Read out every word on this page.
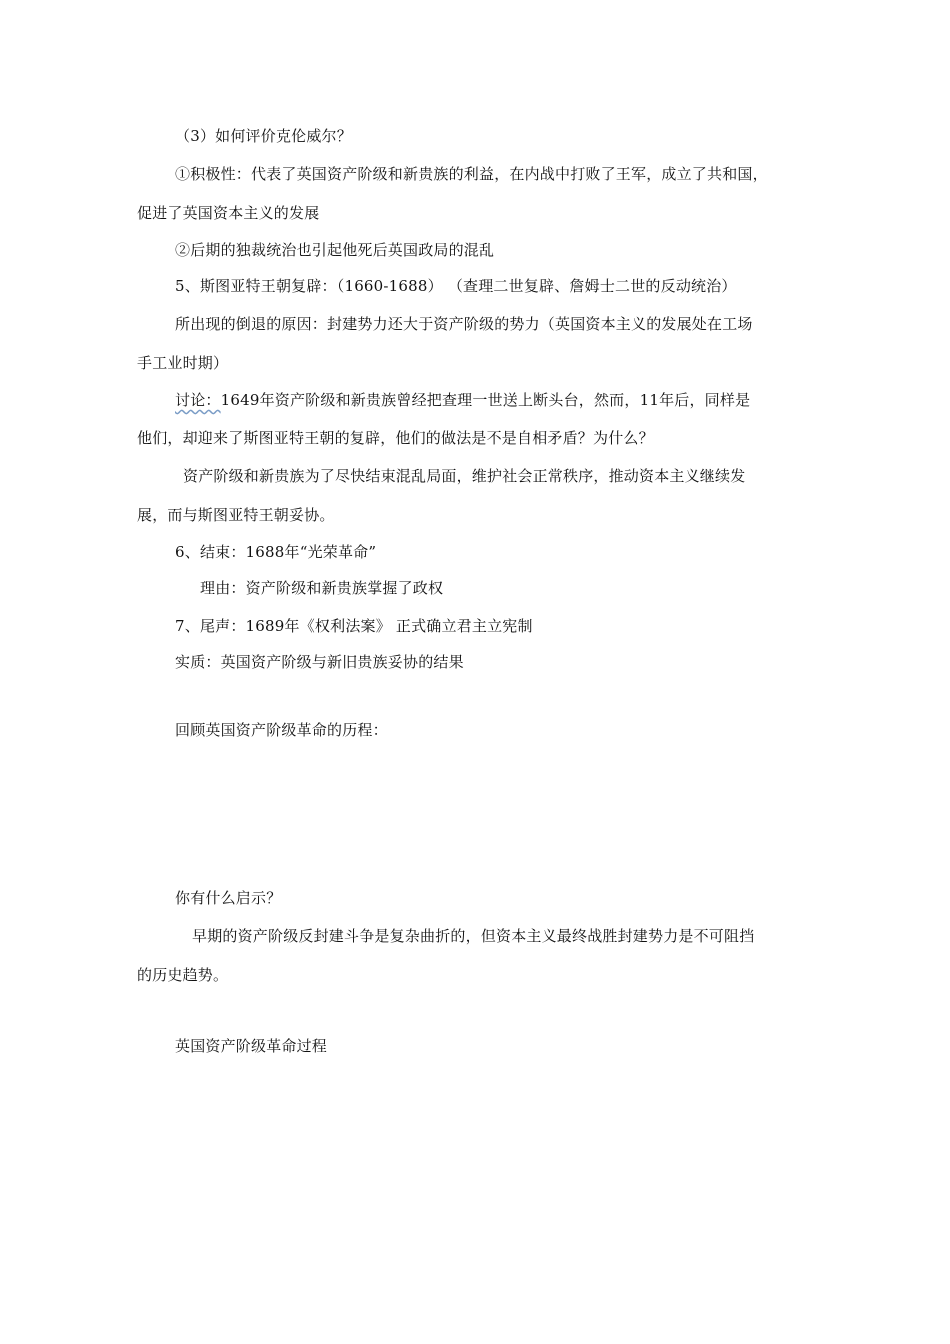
（3）如何评价克伦威尔？
①积极性：代表了英国资产阶级和新贵族的利益，在内战中打败了王军，成立了共和国，
促进了英国资本主义的发展
②后期的独裁统治也引起他死后英国政局的混乱
5、斯图亚特王朝复辟：（1660-1688） （查理二世复辟、詹姆士二世的反动统治）
所出现的倒退的原因：封建势力还大于资产阶级的势力（英国资本主义的发展处在工场
手工业时期）
讨论：1649年资产阶级和新贵族曾经把查理一世送上断头台，然而，11年后，同样是
他们，却迎来了斯图亚特王朝的复辟，他们的做法是不是自相矛盾？为什么？
资产阶级和新贵族为了尽快结束混乱局面，维护社会正常秩序，推动资本主义继续发
展，而与斯图亚特王朝妥协。
6、结束：1688年“光荣革命”
理由：资产阶级和新贵族掌握了政权
7、尾声：1689年《权利法案》 正式确立君主立宪制
实质：英国资产阶级与新旧贵族妥协的结果
回顾英国资产阶级革命的历程：
你有什么启示？
早期的资产阶级反封建斗争是复杂曲折的，但资本主义最终战胜封建势力是不可阻挡
的历史趋势。
英国资产阶级革命过程
